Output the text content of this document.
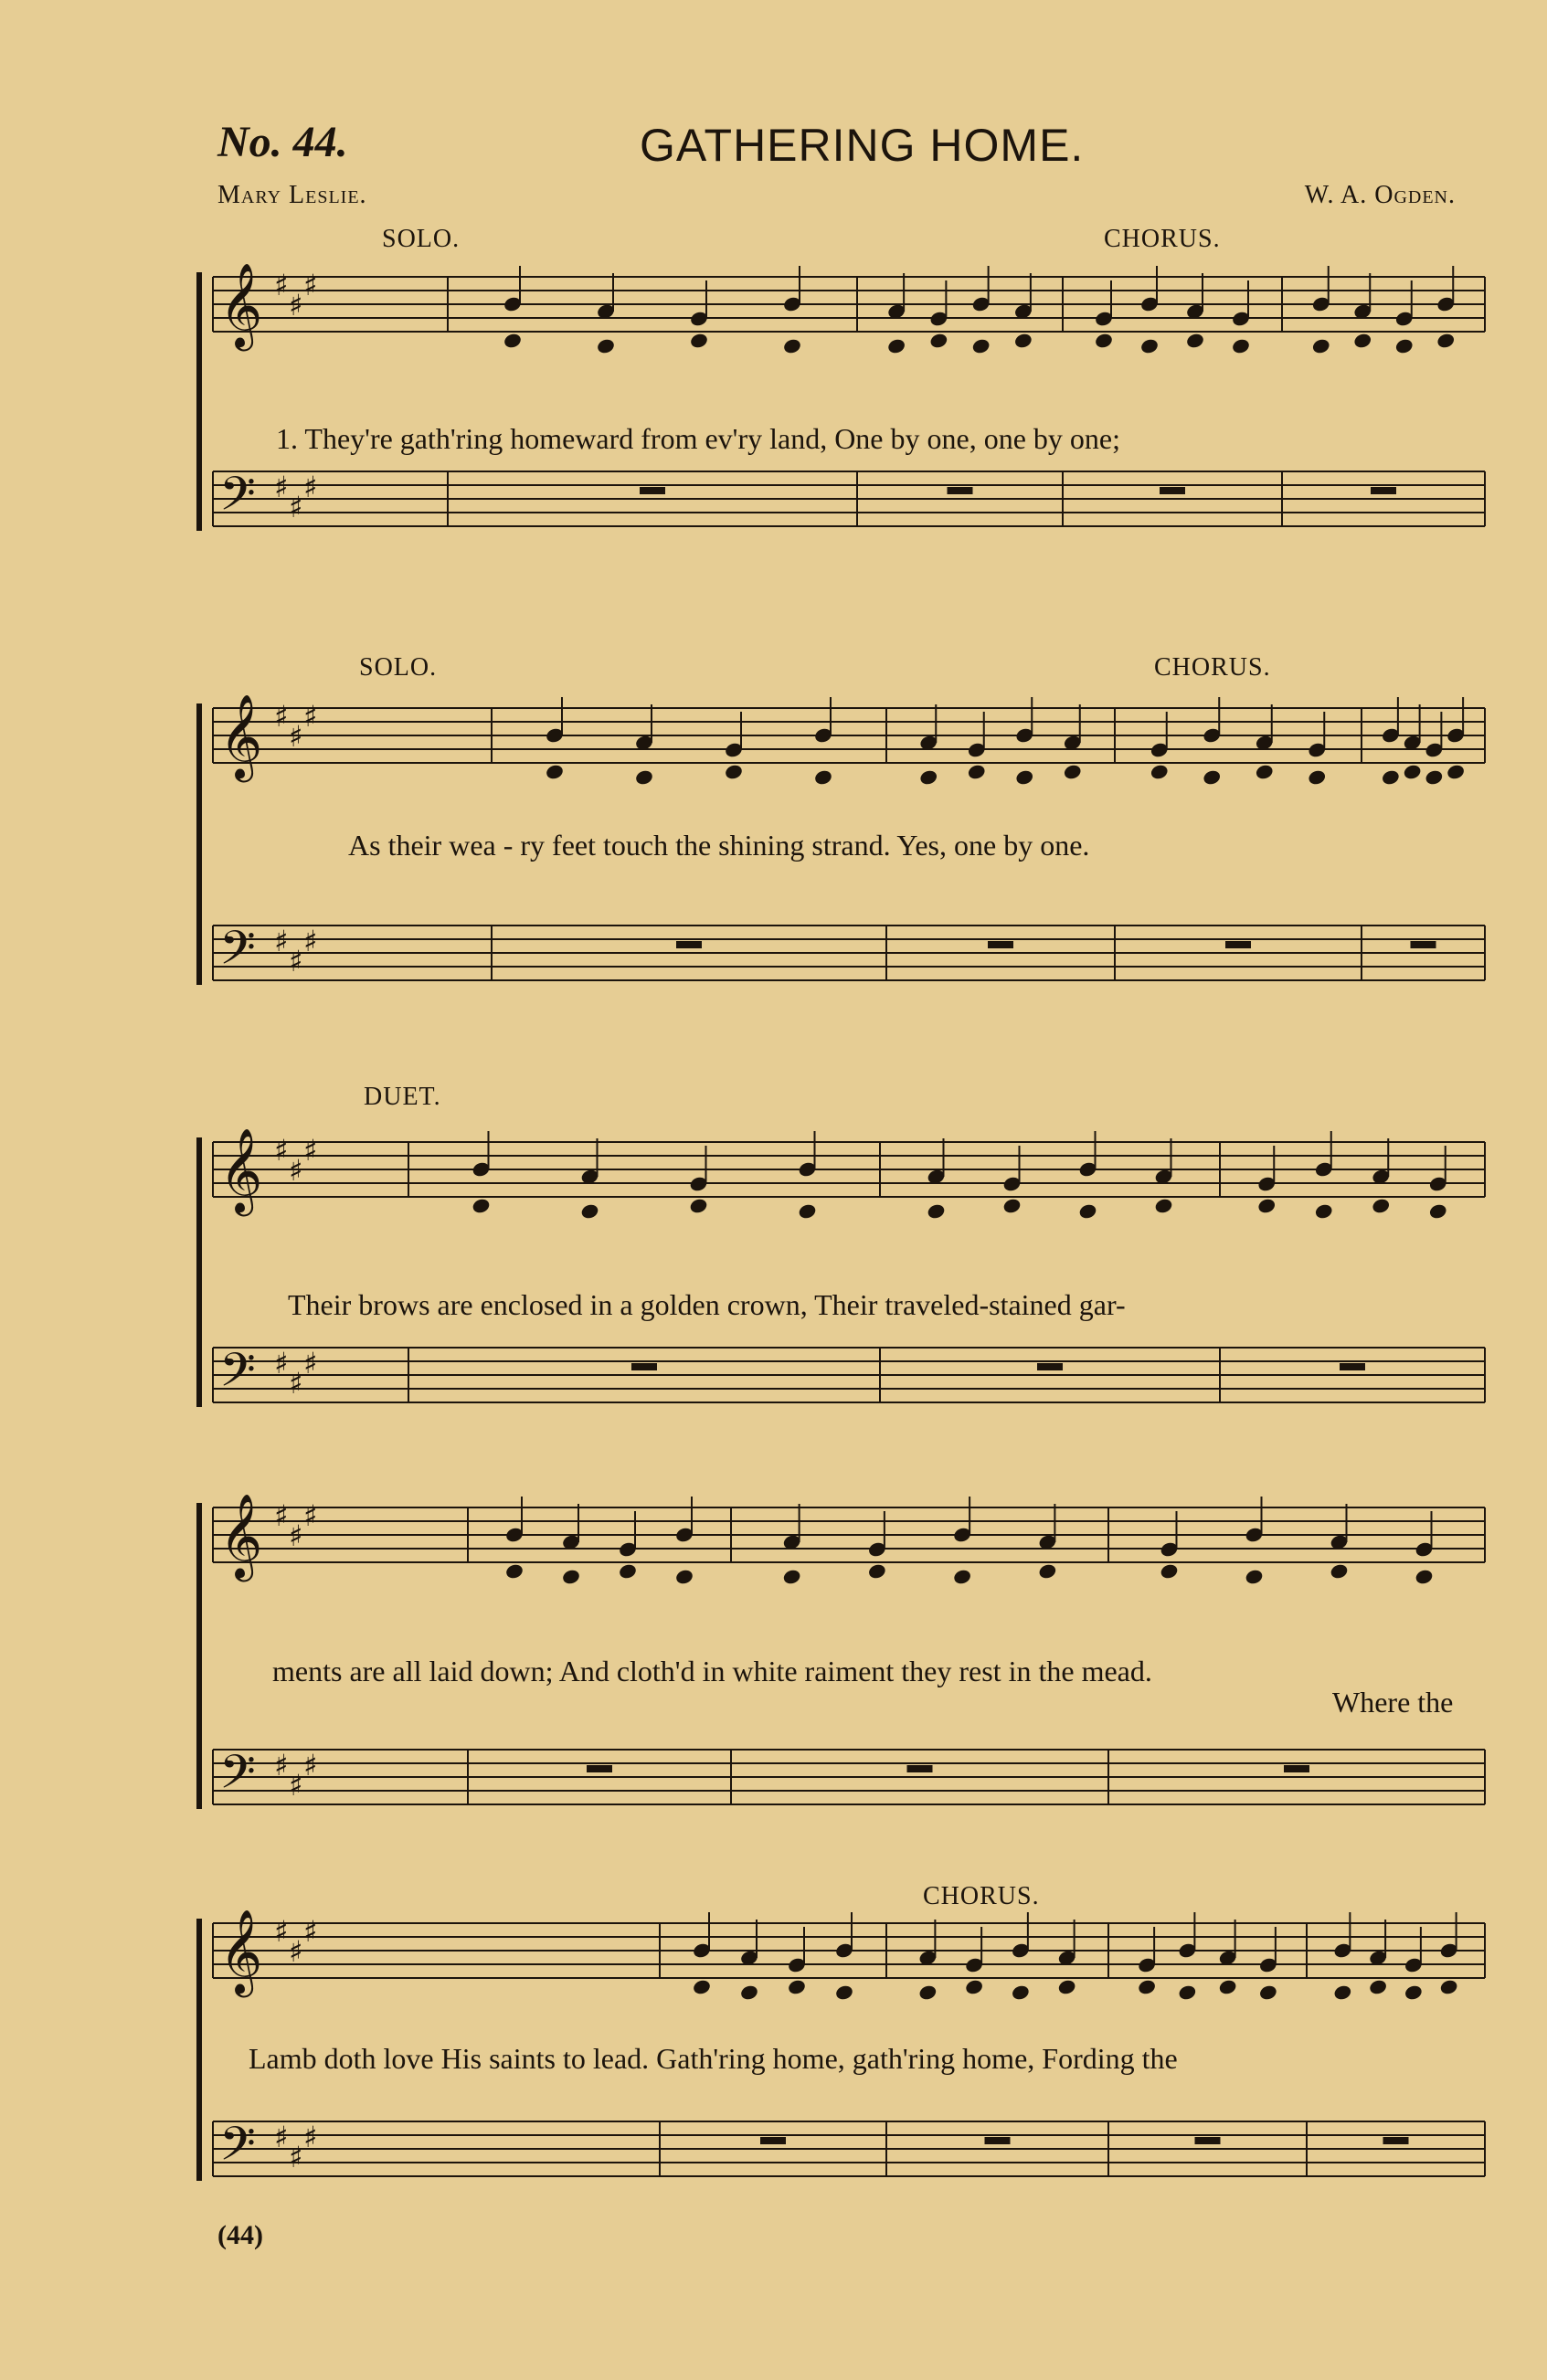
No. 44.	GATHERING HOME.
Mary Leslie.	W. A. Ogden.
SOLO.	CHORUS.
SOLO.	CHORUS.
DUET.
CHORUS.
1. They're gath'ring homeward from ev'ry land, One by one, one by one;
As their wea - ry feet touch the shining strand. Yes, one by one.
Their brows are enclosed in a golden crown, Their traveled-stained gar-
ments are all laid down; And cloth'd in white raiment they rest in the mead.
Where the
Lamb doth love His saints to lead. Gath'ring home, gath'ring home, Fording the
(44)
𝄞
𝄢
♯
♯
♯
♯
♯
♯
𝄞
𝄢
♯
♯
♯
♯
♯
♯
𝄞
𝄢
♯
♯
♯
♯
♯
♯
𝄞
𝄢
♯
♯
♯
♯
♯
♯
𝄞
𝄢
♯
♯
♯
♯
♯
♯
